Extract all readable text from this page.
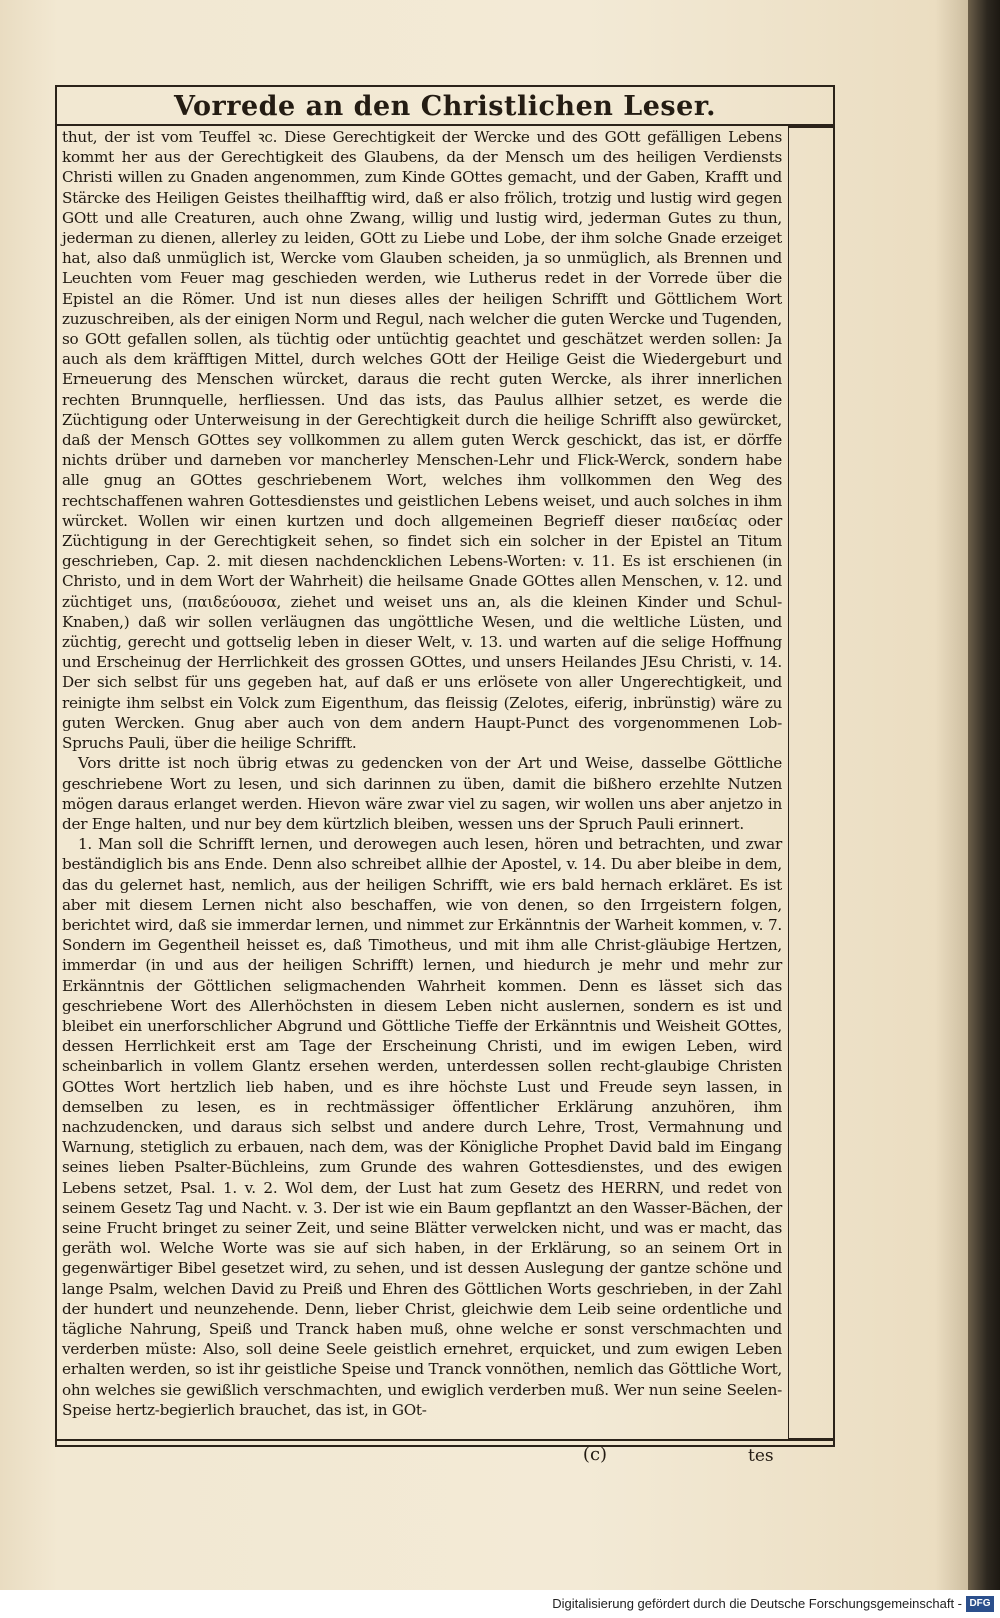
Vorrede an den Christlichen Leser.

thut, der ist vom Teuffel ꝛc. Diese Gerechtigkeit der Wercke und des GOtt gefälligen Lebens kommt her aus der Gerechtigkeit des Glaubens, da der Mensch um des heiligen Verdiensts Christi willen zu Gnaden angenommen, zum Kinde GOttes gemacht, und der Gaben, Krafft und Stärcke des Heiligen Geistes theilhafftig wird, daß er also frölich, trotzig und lustig wird gegen GOtt und alle Creaturen, auch ohne Zwang, willig und lustig wird, jederman Gutes zu thun, jederman zu dienen, allerley zu leiden, GOtt zu Liebe und Lobe, der ihm solche Gnade erzeiget hat, also daß unmüglich ist, Wercke vom Glauben scheiden, ja so unmüglich, als Brennen und Leuchten vom Feuer mag geschieden werden, wie Lutherus redet in der Vorrede über die Epistel an die Römer. Und ist nun dieses alles der heiligen Schrifft und Göttlichem Wort zuzuschreiben, als der einigen Norm und Regul, nach welcher die guten Wercke und Tugenden, so GOtt gefallen sollen, als tüchtig oder untüchtig geachtet und geschätzet werden sollen: Ja auch als dem kräfftigen Mittel, durch welches GOtt der Heilige Geist die Wiedergeburt und Erneuerung des Menschen würcket, daraus die recht guten Wercke, als ihrer innerlichen rechten Brunnquelle, herfliessen. Und das ists, das Paulus allhier setzet, es werde die Züchtigung oder Unterweisung in der Gerechtigkeit durch die heilige Schrifft also gewürcket, daß der Mensch GOttes sey vollkommen zu allem guten Werck geschickt, das ist, er dörffe nichts drüber und darneben vor mancherley Menschen-Lehr und Flick-Werck, sondern habe alle gnug an GOttes geschriebenem Wort, welches ihm vollkommen den Weg des rechtschaffenen wahren Gottesdienstes und geistlichen Lebens weiset, und auch solches in ihm würcket. Wollen wir einen kurtzen und doch allgemeinen Begrieff dieser παιδείας oder Züchtigung in der Gerechtigkeit sehen, so findet sich ein solcher in der Epistel an Titum geschrieben, Cap. 2. mit diesen nachdencklichen Lebens-Worten: v. 11. Es ist erschienen (in Christo, und in dem Wort der Wahrheit) die heilsame Gnade GOttes allen Menschen, v. 12. und züchtiget uns, (παιδεύουσα, ziehet und weiset uns an, als die kleinen Kinder und Schul-Knaben,) daß wir sollen verläugnen das ungöttliche Wesen, und die weltliche Lüsten, und züchtig, gerecht und gottselig leben in dieser Welt, v. 13. und warten auf die selige Hoffnung und Erscheinug der Herrlichkeit des grossen GOttes, und unsers Heilandes JEsu Christi, v. 14. Der sich selbst für uns gegeben hat, auf daß er uns erlösete von aller Ungerechtigkeit, und reinigte ihm selbst ein Volck zum Eigenthum, das fleissig (Zelotes, eiferig, inbrünstig) wäre zu guten Wercken. Gnug aber auch von dem andern Haupt-Punct des vorgenommenen Lob-Spruchs Pauli, über die heilige Schrifft.

Vors dritte ist noch übrig etwas zu gedencken von der Art und Weise, dasselbe Göttliche geschriebene Wort zu lesen, und sich darinnen zu üben, damit die bißhero erzehlte Nutzen mögen daraus erlanget werden. Hievon wäre zwar viel zu sagen, wir wollen uns aber anjetzo in der Enge halten, und nur bey dem kürtzlich bleiben, wessen uns der Spruch Pauli erinnert.

1. Man soll die Schrifft lernen, und derowegen auch lesen, hören und betrachten, und zwar beständiglich bis ans Ende. Denn also schreibet allhie der Apostel, v. 14. Du aber bleibe in dem, das du gelernet hast, nemlich, aus der heiligen Schrifft, wie ers bald hernach erkläret. Es ist aber mit diesem Lernen nicht also beschaffen, wie von denen, so den Irrgeistern folgen, berichtet wird, daß sie immerdar lernen, und nimmet zur Erkänntnis der Warheit kommen, v. 7. Sondern im Gegentheil heisset es, daß Timotheus, und mit ihm alle Christ-gläubige Hertzen, immerdar (in und aus der heiligen Schrifft) lernen, und hiedurch je mehr und mehr zur Erkänntnis der Göttlichen seligmachenden Wahrheit kommen. Denn es lässet sich das geschriebene Wort des Allerhöchsten in diesem Leben nicht auslernen, sondern es ist und bleibet ein unerforschlicher Abgrund und Göttliche Tieffe der Erkänntnis und Weisheit GOttes, dessen Herrlichkeit erst am Tage der Erscheinung Christi, und im ewigen Leben, wird scheinbarlich in vollem Glantz ersehen werden, unterdessen sollen recht-glaubige Christen GOttes Wort hertzlich lieb haben, und es ihre höchste Lust und Freude seyn lassen, in demselben zu lesen, es in rechtmässiger öffentlicher Erklärung anzuhören, ihm nachzudencken, und daraus sich selbst und andere durch Lehre, Trost, Vermahnung und Warnung, stetiglich zu erbauen, nach dem, was der Königliche Prophet David bald im Eingang seines lieben Psalter-Büchleins, zum Grunde des wahren Gottesdienstes, und des ewigen Lebens setzet, Psal. 1. v. 2. Wol dem, der Lust hat zum Gesetz des HERRN, und redet von seinem Gesetz Tag und Nacht. v. 3. Der ist wie ein Baum gepflantzt an den Wasser-Bächen, der seine Frucht bringet zu seiner Zeit, und seine Blätter verwelcken nicht, und was er macht, das geräth wol. Welche Worte was sie auf sich haben, in der Erklärung, so an seinem Ort in gegenwärtiger Bibel gesetzet wird, zu sehen, und ist dessen Auslegung der gantze schöne und lange Psalm, welchen David zu Preiß und Ehren des Göttlichen Worts geschrieben, in der Zahl der hundert und neunzehende. Denn, lieber Christ, gleichwie dem Leib seine ordentliche und tägliche Nahrung, Speiß und Tranck haben muß, ohne welche er sonst verschmachten und verderben müste: Also, soll deine Seele geistlich ernehret, erquicket, und zum ewigen Leben erhalten werden, so ist ihr geistliche Speise und Tranck vonnöthen, nemlich das Göttliche Wort, ohn welches sie gewißlich verschmachten, und ewiglich verderben muß. Wer nun seine Seelen-Speise hertz-begierlich brauchet, das ist, in GOt-

(c)	tes
Digitalisierung gefördert durch die Deutsche Forschungsgemeinschaft - DFG
